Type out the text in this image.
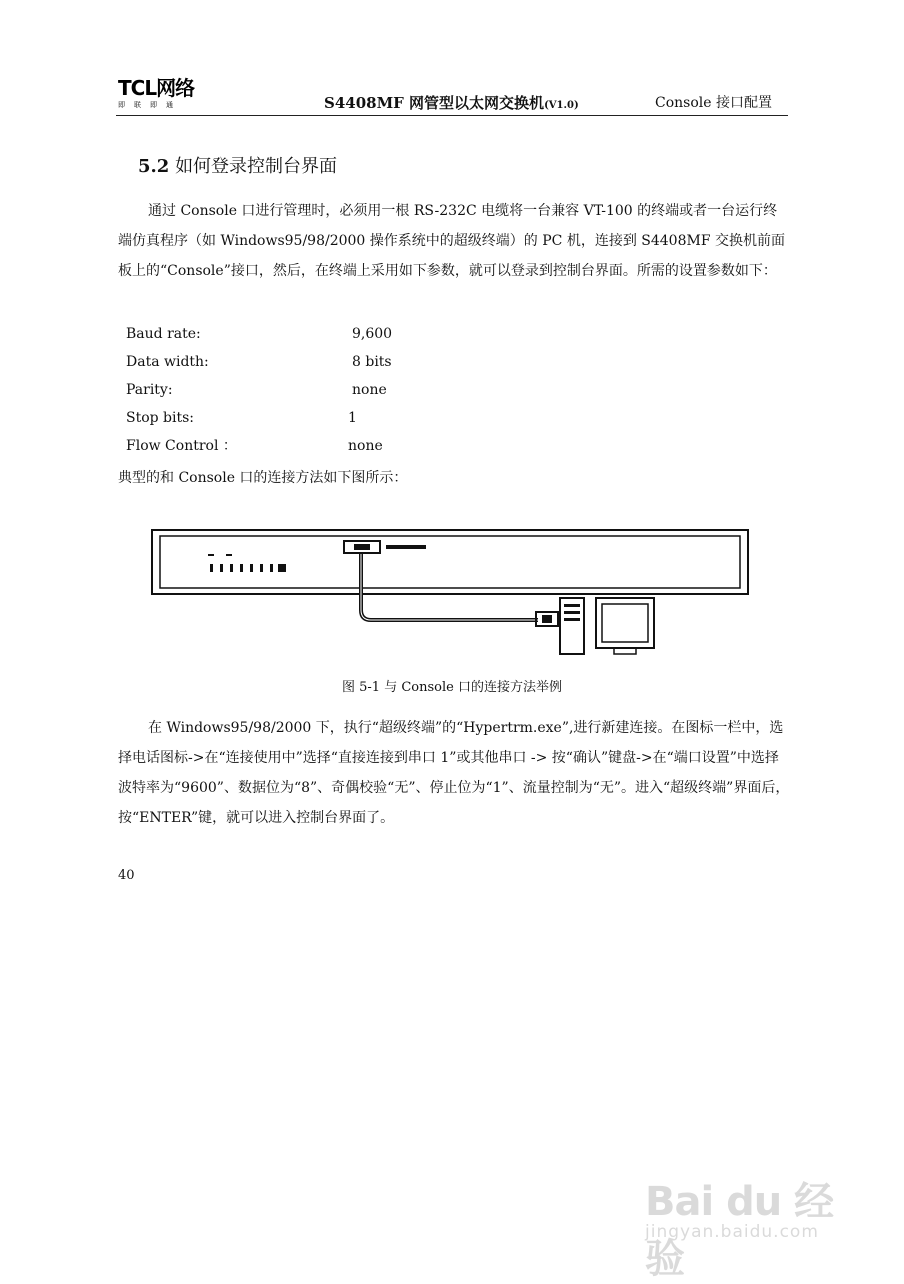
TCL网络
即联即通	S4408MF 网管型以太网交换机(V1.0)	Console 接口配置
5.2 如何登录控制台界面

通过 Console 口进行管理时，必须用一根 RS-232C 电缆将一台兼容 VT-100 的终端或者一台运行终端仿真程序（如 Windows95/98/2000 操作系统中的超级终端）的 PC 机，连接到 S4408MF 交换机前面板上的“Console”接口，然后，在终端上采用如下参数，就可以登录到控制台界面。所需的设置参数如下：

Baud rate:	9,600
Data width:	8 bits
Parity:	none
Stop bits:	1
Flow Control ：	none
典型的和 Console 口的连接方法如下图所示：
图 5-1 与 Console 口的连接方法举例

在 Windows95/98/2000 下，执行“超级终端”的“Hypertrm.exe”,进行新建连接。在图标一栏中，选择电话图标->在“连接使用中”选择“直接连接到串口 1”或其他串口 -> 按“确认”键盘->在“端口设置”中选择波特率为“9600”、数据位为“8”、奇偶校验“无”、停止位为“1”、流量控制为“无”。进入“超级终端”界面后，按“ENTER”键，就可以进入控制台界面了。

40
Bai du 经验
jingyan.baidu.com
